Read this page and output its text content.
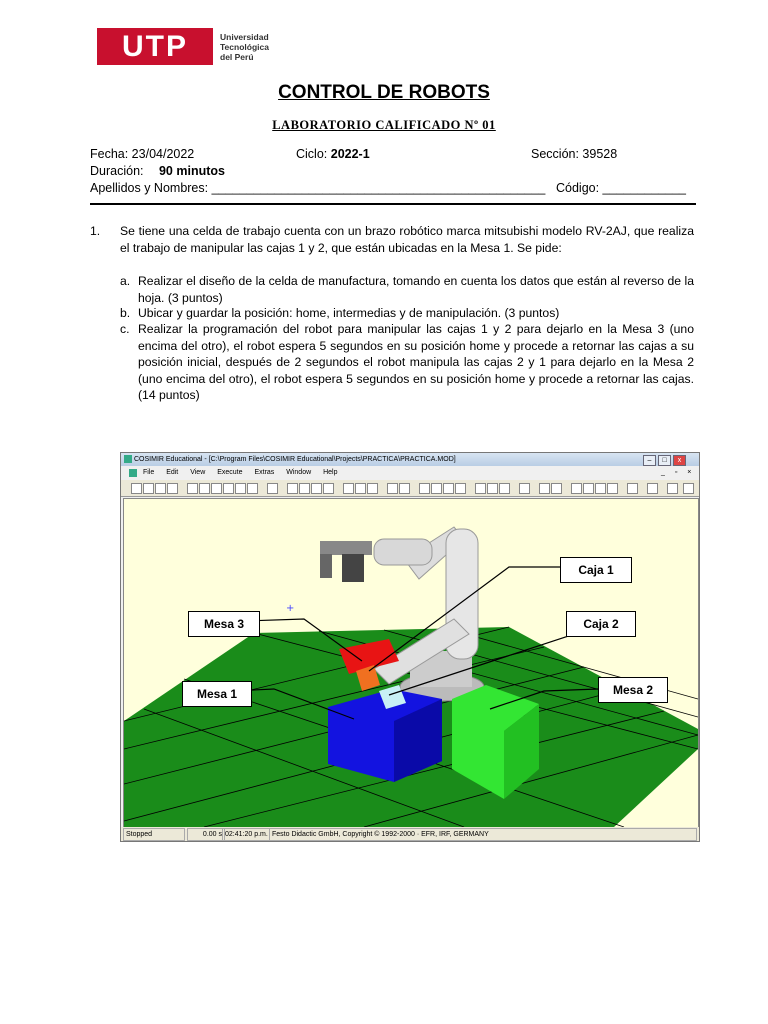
UTP	Universidad
Tecnológica
del Perú
CONTROL DE ROBOTS
LABORATORIO CALIFICADO Nº 01
Fecha: 23/04/2022	Ciclo: 2022-1	Sección: 39528
Duración: 90 minutos
Apellidos y Nombres: ________________________________________________ Código: ____________
1. Se tiene una celda de trabajo cuenta con un brazo robótico marca mitsubishi modelo RV-2AJ, que realiza el trabajo de manipular las cajas 1 y 2, que están ubicadas en la Mesa 1. Se pide:
a. Realizar el diseño de la celda de manufactura, tomando en cuenta los datos que están al reverso de la hoja. (3 puntos)
b. Ubicar y guardar la posición: home, intermedias y de manipulación. (3 puntos)
c. Realizar la programación del robot para manipular las cajas 1 y 2 para dejarlo en la Mesa 3 (uno encima del otro), el robot espera 5 segundos en su posición home y procede a retornar las cajas a su posición inicial, después de 2 segundos el robot manipula las cajas 2 y 1 para dejarlo en la Mesa 2 (uno encima del otro), el robot espera 5 segundos en su posición home y procede a retornar las cajas. (14 puntos)
COSIMIR Educational - [C:\Program Files\COSIMIR Educational\Projects\PRACTICA\PRACTICA.MOD]	–	□	x
File Edit View Execute Extras Window Help	_ ▫ ×
+
Mesa 3
Mesa 1
Caja 1
Caja 2
Mesa 2
Stopped	0.00 s 02:41:20 p.m. Festo Didactic GmbH, Copyright © 1992-2000 · EFR, IRF, GERMANY
